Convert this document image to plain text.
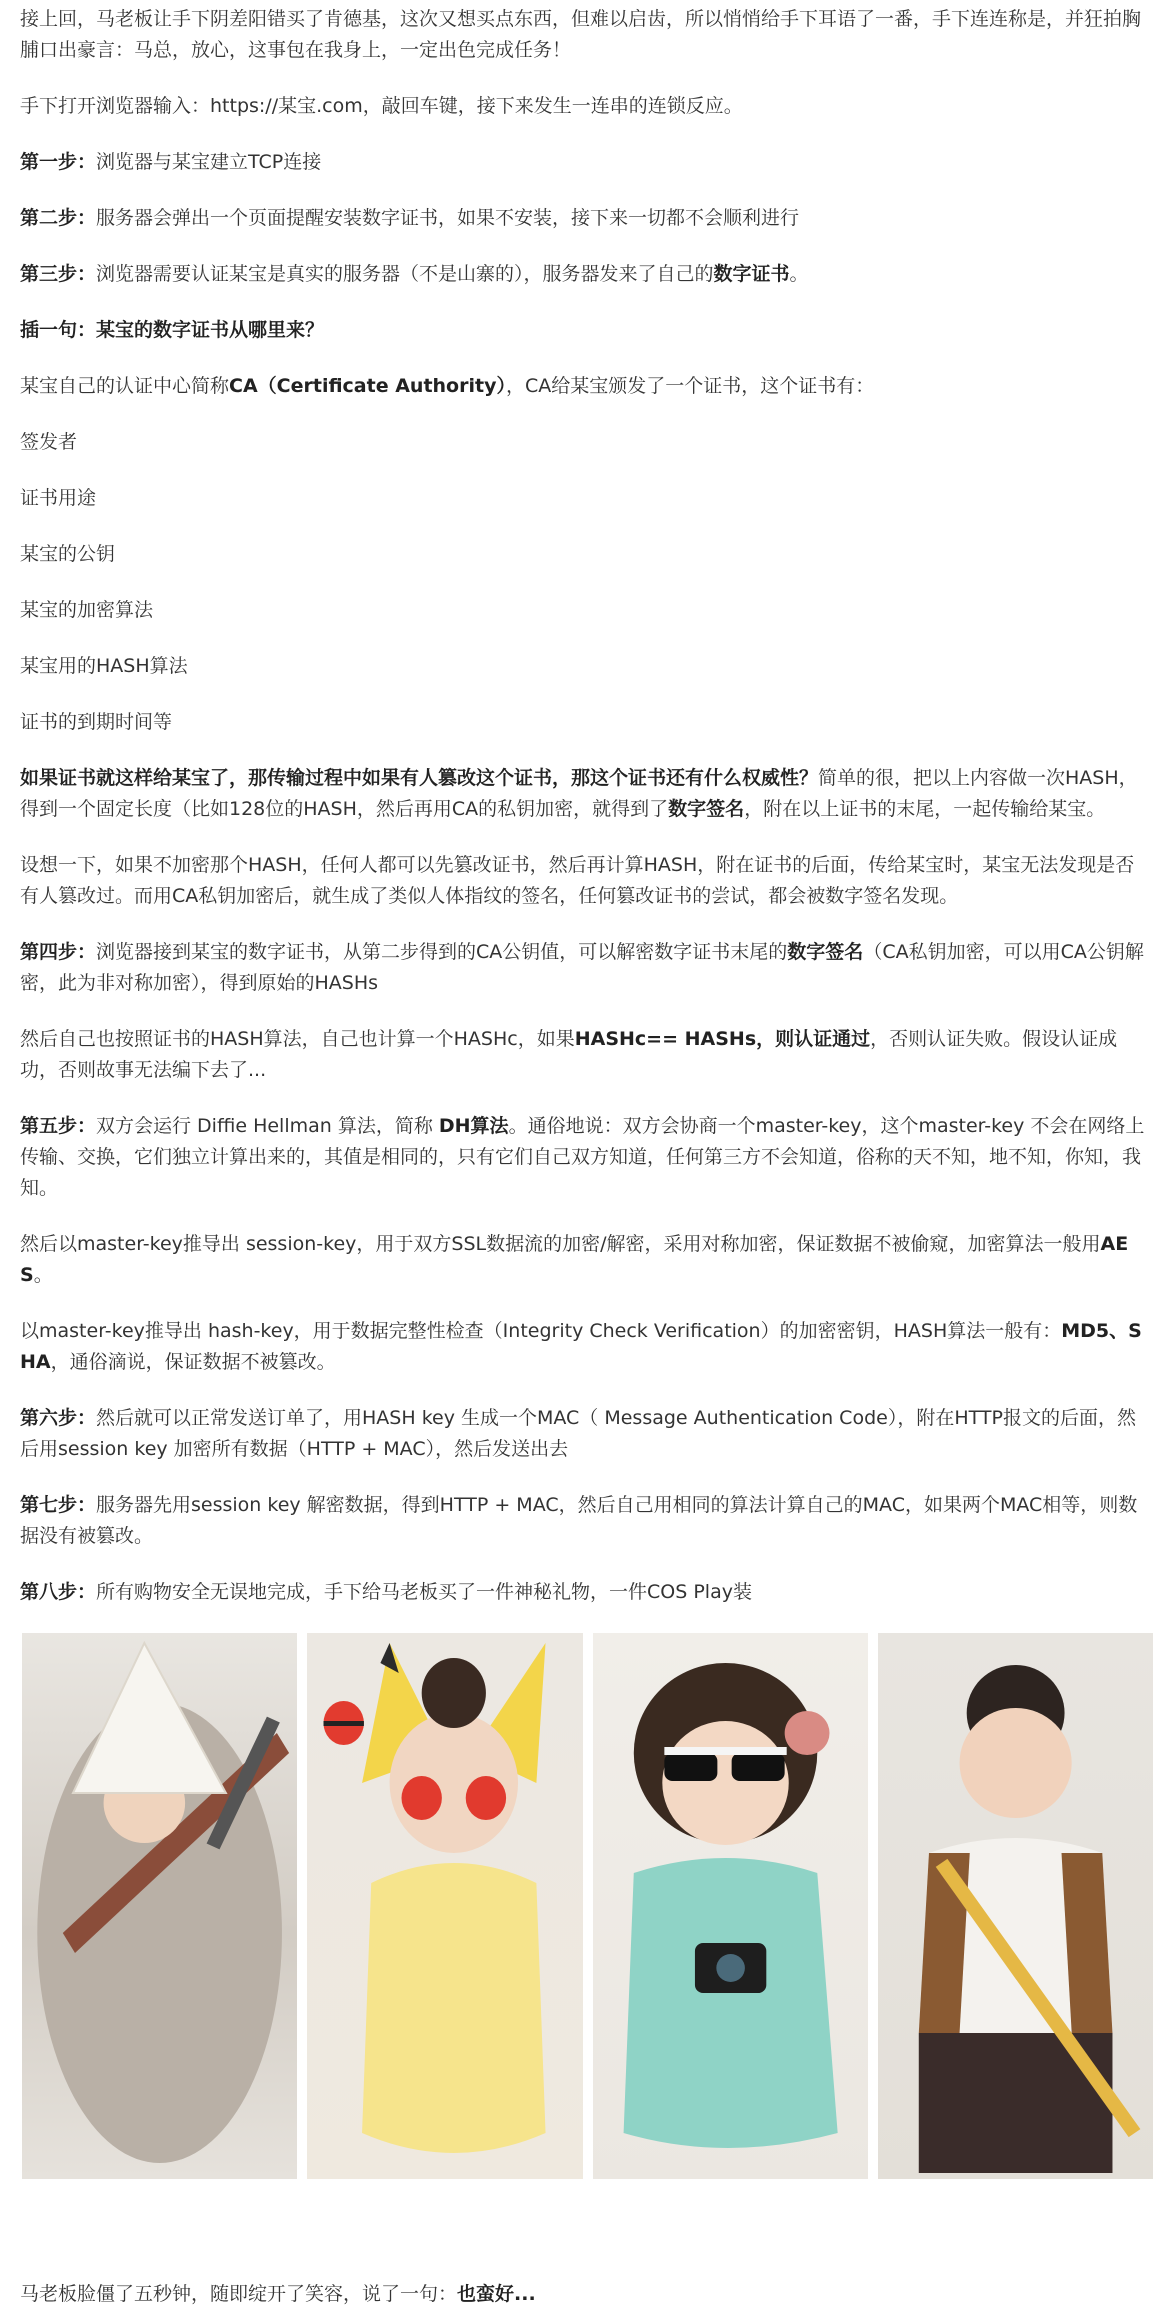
接上回，马老板让手下阴差阳错买了肯德基，这次又想买点东西，但难以启齿，所以悄悄给手下耳语了一番，手下连连称是，并狂拍胸脯口出豪言：马总，放心，这事包在我身上，一定出色完成任务！

手下打开浏览器输入：https://某宝.com，敲回车键，接下来发生一连串的连锁反应。

第一步：浏览器与某宝建立TCP连接

第二步：服务器会弹出一个页面提醒安装数字证书，如果不安装，接下来一切都不会顺利进行

第三步：浏览器需要认证某宝是真实的服务器（不是山寨的），服务器发来了自己的数字证书。

插一句：某宝的数字证书从哪里来？

某宝自己的认证中心简称CA（Certificate Authority），CA给某宝颁发了一个证书，这个证书有：

签发者

证书用途

某宝的公钥

某宝的加密算法

某宝用的HASH算法

证书的到期时间等

如果证书就这样给某宝了，那传输过程中如果有人篡改这个证书，那这个证书还有什么权威性？简单的很，把以上内容做一次HASH，得到一个固定长度（比如128位的HASH，然后再用CA的私钥加密，就得到了数字签名，附在以上证书的末尾，一起传输给某宝。

设想一下，如果不加密那个HASH，任何人都可以先篡改证书，然后再计算HASH，附在证书的后面，传给某宝时，某宝无法发现是否有人篡改过。而用CA私钥加密后，就生成了类似人体指纹的签名，任何篡改证书的尝试，都会被数字签名发现。

第四步：浏览器接到某宝的数字证书，从第二步得到的CA公钥值，可以解密数字证书末尾的数字签名（CA私钥加密，可以用CA公钥解密，此为非对称加密），得到原始的HASHs

然后自己也按照证书的HASH算法，自己也计算一个HASHc，如果HASHc== HASHs，则认证通过，否则认证失败。假设认证成功，否则故事无法编下去了...

第五步：双方会运行 Diffie Hellman 算法，简称 DH算法。通俗地说：双方会协商一个master-key，这个master-key 不会在网络上传输、交换，它们独立计算出来的，其值是相同的，只有它们自己双方知道，任何第三方不会知道，俗称的天不知，地不知，你知，我知。

然后以master-key推导出 session-key，用于双方SSL数据流的加密/解密，采用对称加密，保证数据不被偷窥，加密算法一般用AES。

以master-key推导出 hash-key，用于数据完整性检查（Integrity Check Verification）的加密密钥，HASH算法一般有：MD5、SHA，通俗滴说，保证数据不被篡改。

第六步：然后就可以正常发送订单了，用HASH key 生成一个MAC（ Message Authentication Code），附在HTTP报文的后面，然后用session key 加密所有数据（HTTP + MAC），然后发送出去

第七步：服务器先用session key 解密数据，得到HTTP + MAC，然后自己用相同的算法计算自己的MAC，如果两个MAC相等，则数据没有被篡改。

第八步：所有购物安全无误地完成，手下给马老板买了一件神秘礼物，一件COS Play装

马老板脸僵了五秒钟，随即绽开了笑容，说了一句：也蛮好...
